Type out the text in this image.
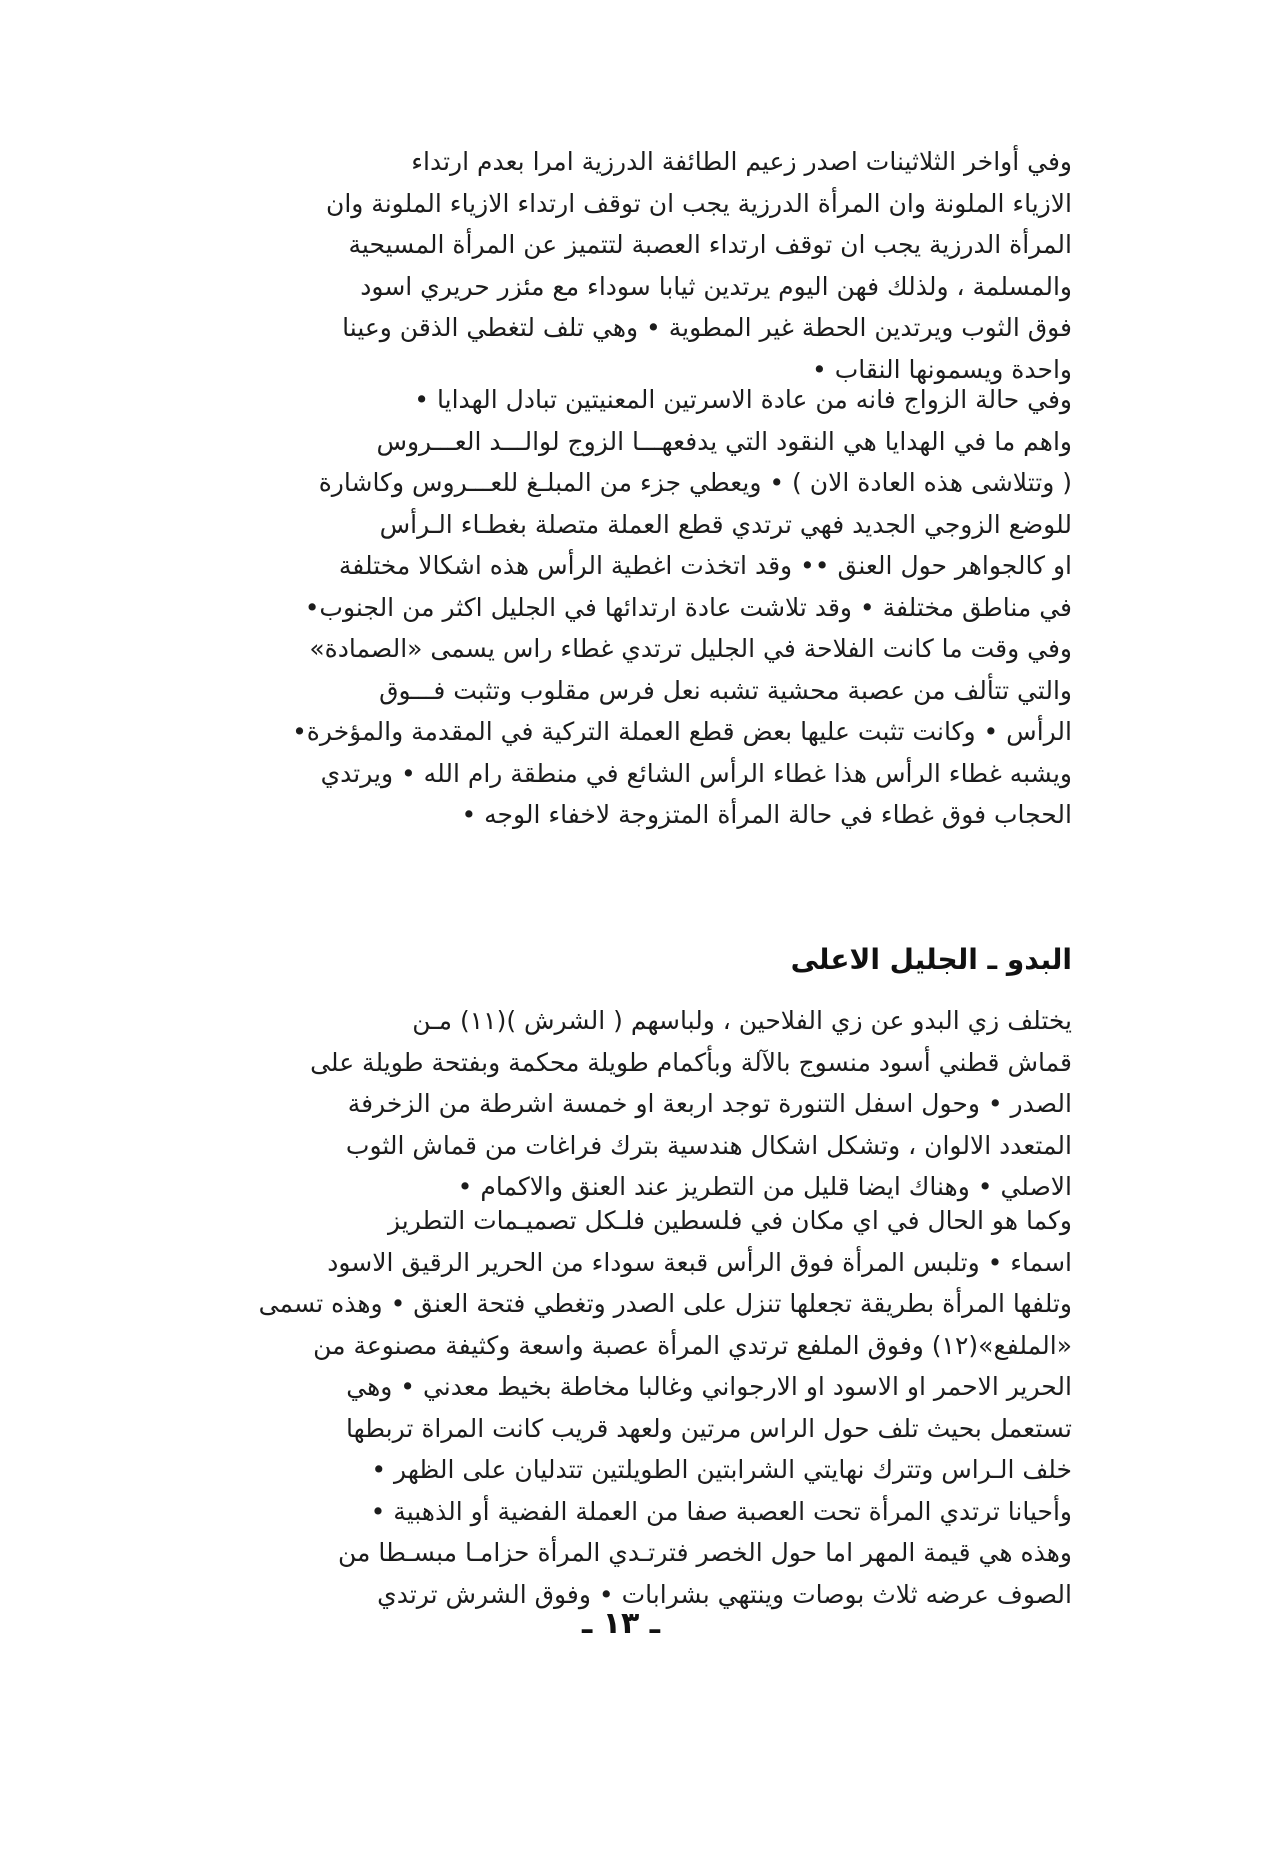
وفي أواخر الثلاثينات اصدر زعيم الطائفة الدرزية امرا بعدم ارتداء
الازياء الملونة وان المرأة الدرزية يجب ان توقف ارتداء الازياء الملونة وان
المرأة الدرزية يجب ان توقف ارتداء العصبة لتتميز عن المرأة المسيحية
والمسلمة ، ولذلك فهن اليوم يرتدين ثيابا سوداء مع مئزر حريري اسود
فوق الثوب ويرتدين الحطة غير المطوية • وهي تلف لتغطي الذقن وعينا
واحدة ويسمونها النقاب •
وفي حالة الزواج فانه من عادة الاسرتين المعنيتين تبادل الهدايا •
واهم ما في الهدايا هي النقود التي يدفعهـــا الزوج لوالـــد العـــروس
( وتتلاشى هذه العادة الان ) • ويعطي جزء من المبلـغ للعـــروس وكاشارة
للوضع الزوجي الجديد فهي ترتدي قطع العملة متصلة بغطـاء الـرأس
او كالجواهر حول العنق •• وقد اتخذت اغطية الرأس هذه اشكالا مختلفة
في مناطق مختلفة • وقد تلاشت عادة ارتدائها في الجليل اكثر من الجنوب•
وفي وقت ما كانت الفلاحة في الجليل ترتدي غطاء راس يسمى «الصمادة»
والتي تتألف من عصبة محشية تشبه نعل فرس مقلوب وتثبت فـــوق
الرأس • وكانت تثبت عليها بعض قطع العملة التركية في المقدمة والمؤخرة•
ويشبه غطاء الرأس هذا غطاء الرأس الشائع في منطقة رام الله • ويرتدي
الحجاب فوق غطاء في حالة المرأة المتزوجة لاخفاء الوجه •
البدو ـ الجليل الاعلى
يختلف زي البدو عن زي الفلاحين ، ولباسهم ( الشرش )(١١) مـن
قماش قطني أسود منسوج بالآلة وبأكمام طويلة محكمة وبفتحة طويلة على
الصدر • وحول اسفل التنورة توجد اربعة او خمسة اشرطة من الزخرفة
المتعدد الالوان ، وتشكل اشكال هندسية بترك فراغات من قماش الثوب
الاصلي • وهناك ايضا قليل من التطريز عند العنق والاكمام •
وكما هو الحال في اي مكان في فلسطين فلـكل تصميـمات التطريز
اسماء • وتلبس المرأة فوق الرأس قبعة سوداء من الحرير الرقيق الاسود
وتلفها المرأة بطريقة تجعلها تنزل على الصدر وتغطي فتحة العنق • وهذه تسمى
«الملفع»(١٢) وفوق الملفع ترتدي المرأة عصبة واسعة وكثيفة مصنوعة من
الحرير الاحمر او الاسود او الارجواني وغالبا مخاطة بخيط معدني • وهي
تستعمل بحيث تلف حول الراس مرتين ولعهد قريب كانت المراة تربطها
خلف الـراس وتترك نهايتي الشرابتين الطويلتين تتدليان على الظهر •
وأحيانا ترتدي المرأة تحت العصبة صفا من العملة الفضية أو الذهبية •
وهذه هي قيمة المهر اما حول الخصر فترتـدي المرأة حزامـا مبسـطا من
الصوف عرضه ثلاث بوصات وينتهي بشرابات • وفوق الشرش ترتدي
ـ ١٣ ـ
